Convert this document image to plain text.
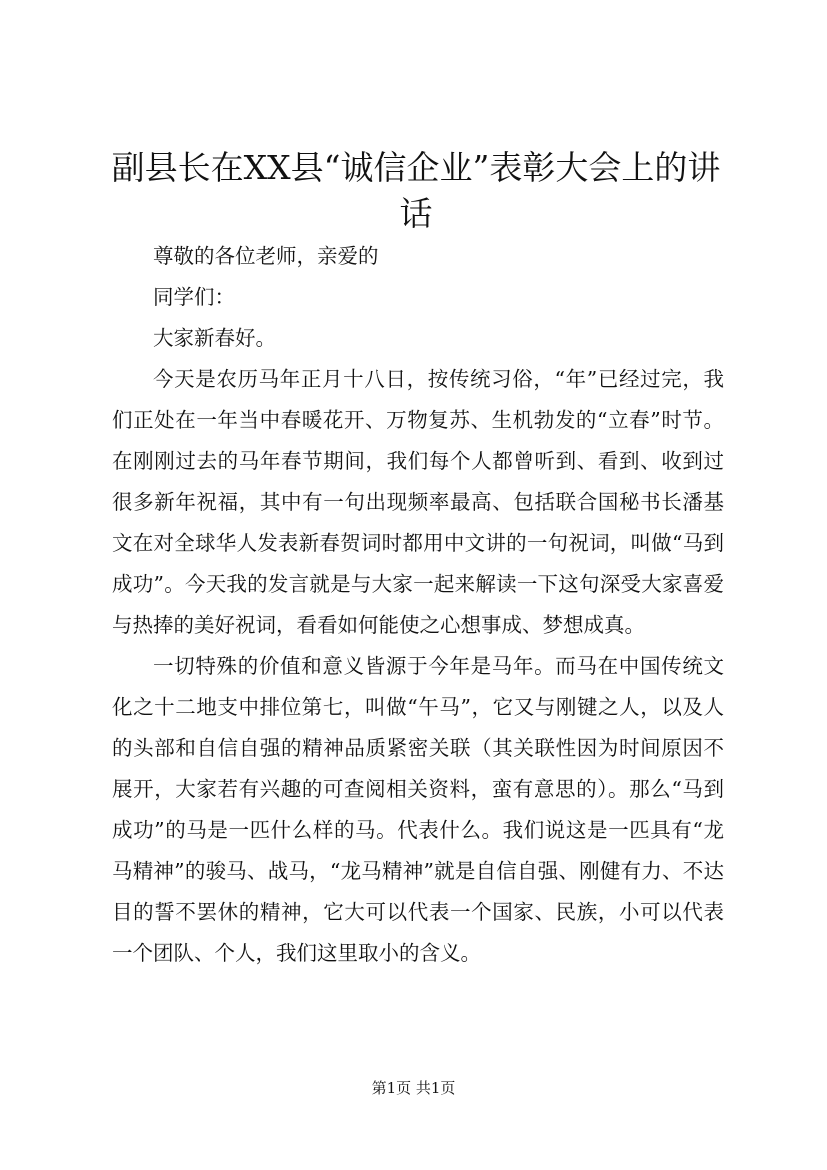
副县长在XX县“诚信企业”表彰大会上的讲话

尊敬的各位老师，亲爱的

同学们：

大家新春好。

今天是农历马年正月十八日，按传统习俗，“年”已经过完，我们正处在一年当中春暖花开、万物复苏、生机勃发的“立春”时节。在刚刚过去的马年春节期间，我们每个人都曾听到、看到、收到过很多新年祝福，其中有一句出现频率最高、包括联合国秘书长潘基文在对全球华人发表新春贺词时都用中文讲的一句祝词，叫做“马到成功”。今天我的发言就是与大家一起来解读一下这句深受大家喜爱与热捧的美好祝词，看看如何能使之心想事成、梦想成真。

一切特殊的价值和意义皆源于今年是马年。而马在中国传统文化之十二地支中排位第七，叫做“午马”，它又与刚键之人，以及人的头部和自信自强的精神品质紧密关联（其关联性因为时间原因不展开，大家若有兴趣的可查阅相关资料，蛮有意思的）。那么“马到成功”的马是一匹什么样的马。代表什么。我们说这是一匹具有“龙马精神”的骏马、战马，“龙马精神”就是自信自强、刚健有力、不达目的誓不罢休的精神，它大可以代表一个国家、民族，小可以代表一个团队、个人，我们这里取小的含义。

第1页 共1页
